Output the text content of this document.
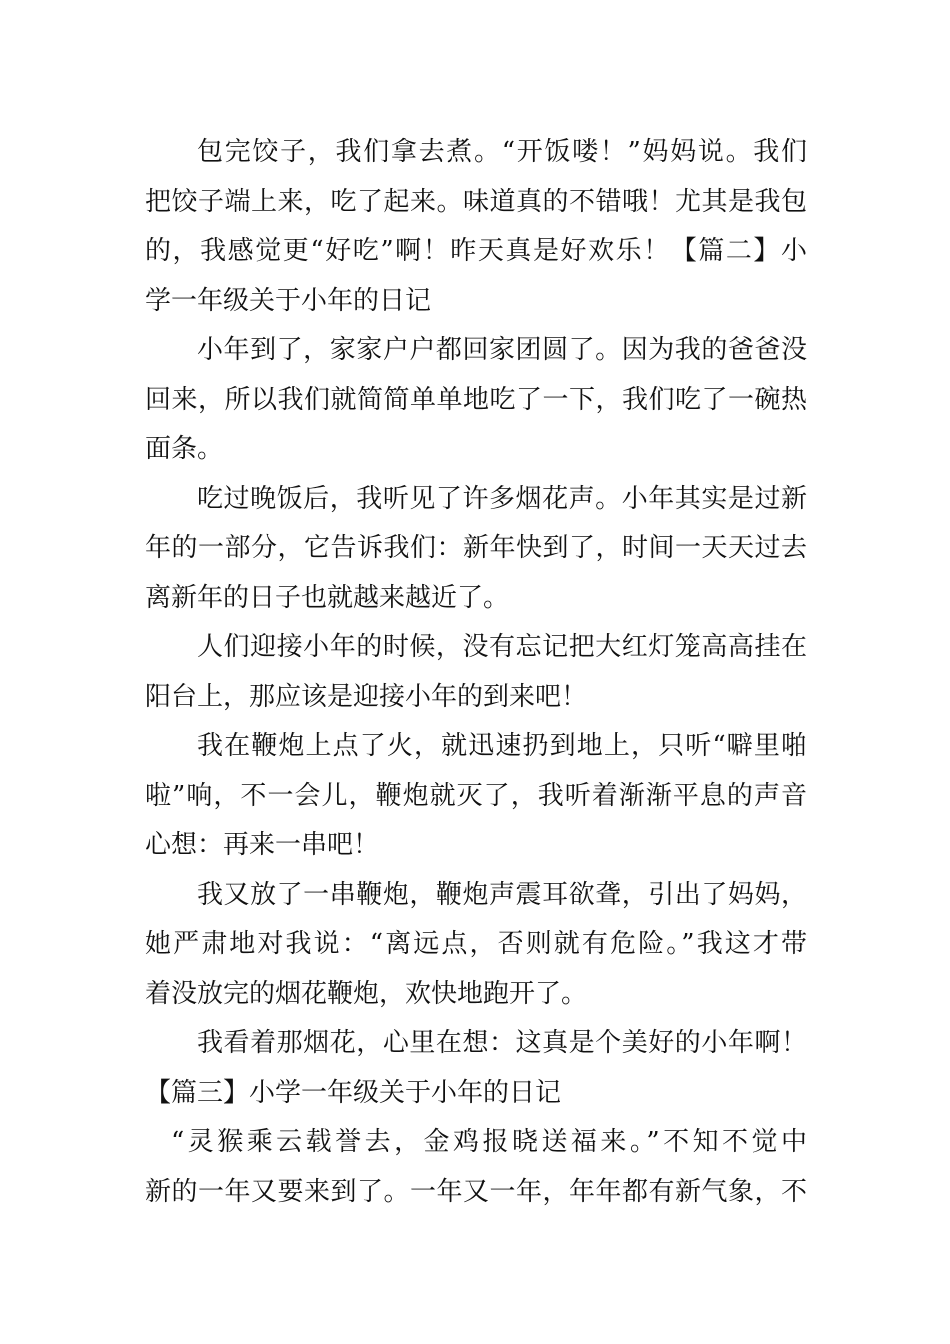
包完饺子，我们拿去煮。“开饭喽！”妈妈说。我们
把饺子端上来，吃了起来。味道真的不错哦！尤其是我包
的，我感觉更“好吃”啊！昨天真是好欢乐！【篇二】小
学一年级关于小年的日记
小年到了，家家户户都回家团圆了。因为我的爸爸没
回来，所以我们就简简单单地吃了一下，我们吃了一碗热
面条。
吃过晚饭后，我听见了许多烟花声。小年其实是过新
年的一部分，它告诉我们：新年快到了，时间一天天过去
离新年的日子也就越来越近了。
人们迎接小年的时候，没有忘记把大红灯笼高高挂在
阳台上，那应该是迎接小年的到来吧！
我在鞭炮上点了火，就迅速扔到地上，只听“噼里啪
啦”响，不一会儿，鞭炮就灭了，我听着渐渐平息的声音
心想：再来一串吧！
我又放了一串鞭炮，鞭炮声震耳欲聋，引出了妈妈，
她严肃地对我说：“离远点，否则就有危险。”我这才带
着没放完的烟花鞭炮，欢快地跑开了。
我看着那烟花，心里在想：这真是个美好的小年啊！
【篇三】小学一年级关于小年的日记
“灵猴乘云载誉去，金鸡报晓送福来。”不知不觉中
新的一年又要来到了。一年又一年，年年都有新气象，不
